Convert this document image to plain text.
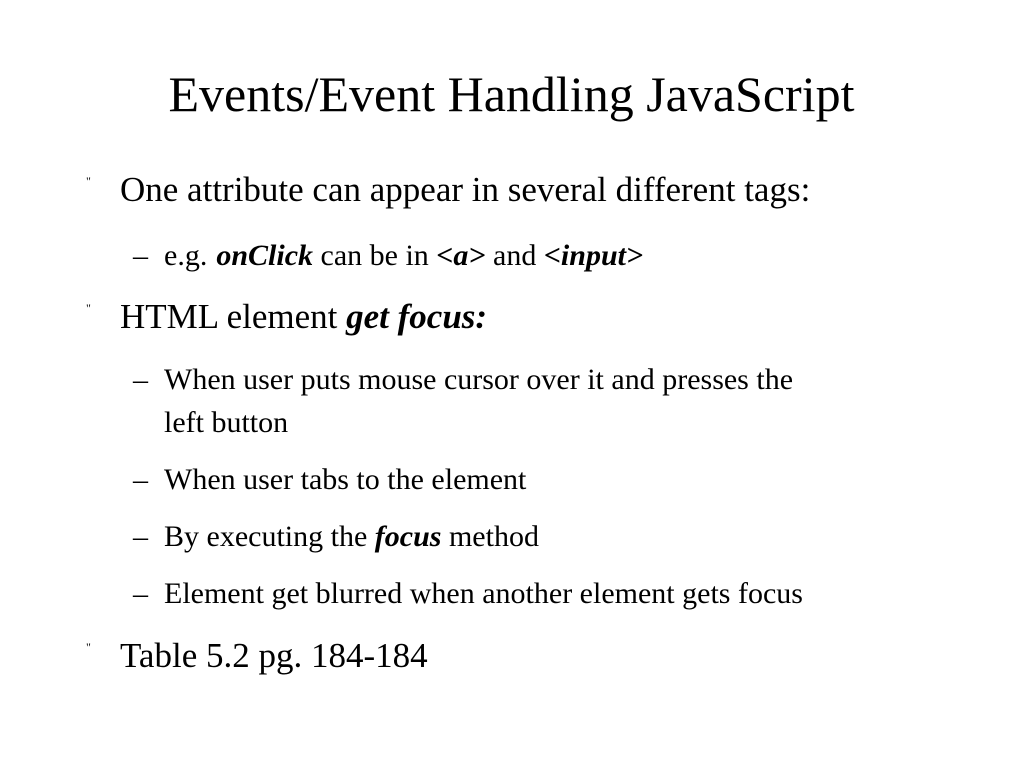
Events/Event Handling JavaScript
" One attribute can appear in several different tags:
– e.g. onClick can be in <a> and <input>
" HTML element get focus:
– When user puts mouse cursor over it and presses the
left button
– When user tabs to the element
– By executing the focus method
– Element get blurred when another element gets focus
" Table 5.2 pg. 184-184
